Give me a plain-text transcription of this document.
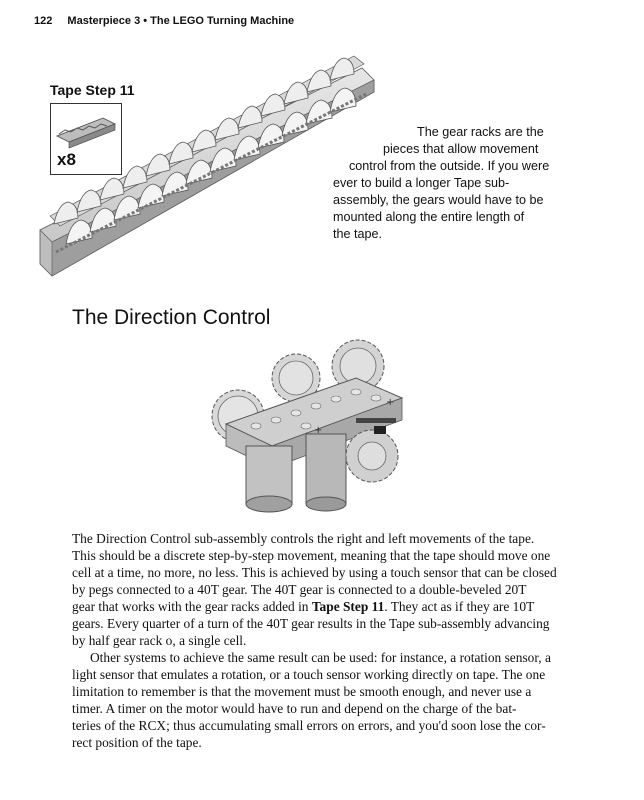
122 Masterpiece 3 • The LEGO Turning Machine
Tape Step 11
x8
The gear racks are the
pieces that allow movement
control from the outside. If you were
ever to build a longer Tape sub-
assembly, the gears would have to be
mounted along the entire length of
the tape.
The Direction Control
+
+
The Direction Control sub-assembly controls the right and left movements of the tape.
This should be a discrete step-by-step movement, meaning that the tape should move one
cell at a time, no more, no less. This is achieved by using a touch sensor that can be closed
by pegs connected to a 40T gear. The 40T gear is connected to a double-beveled 20T
gear that works with the gear racks added in Tape Step 11. They act as if they are 10T
gears. Every quarter of a turn of the 40T gear results in the Tape sub-assembly advancing
by half gear rack o, a single cell.
Other systems to achieve the same result can be used: for instance, a rotation sensor, a
light sensor that emulates a rotation, or a touch sensor working directly on tape. The one
limitation to remember is that the movement must be smooth enough, and never use a
timer. A timer on the motor would have to run and depend on the charge of the bat-
teries of the RCX; thus accumulating small errors on errors, and you'd soon lose the cor-
rect position of the tape.
